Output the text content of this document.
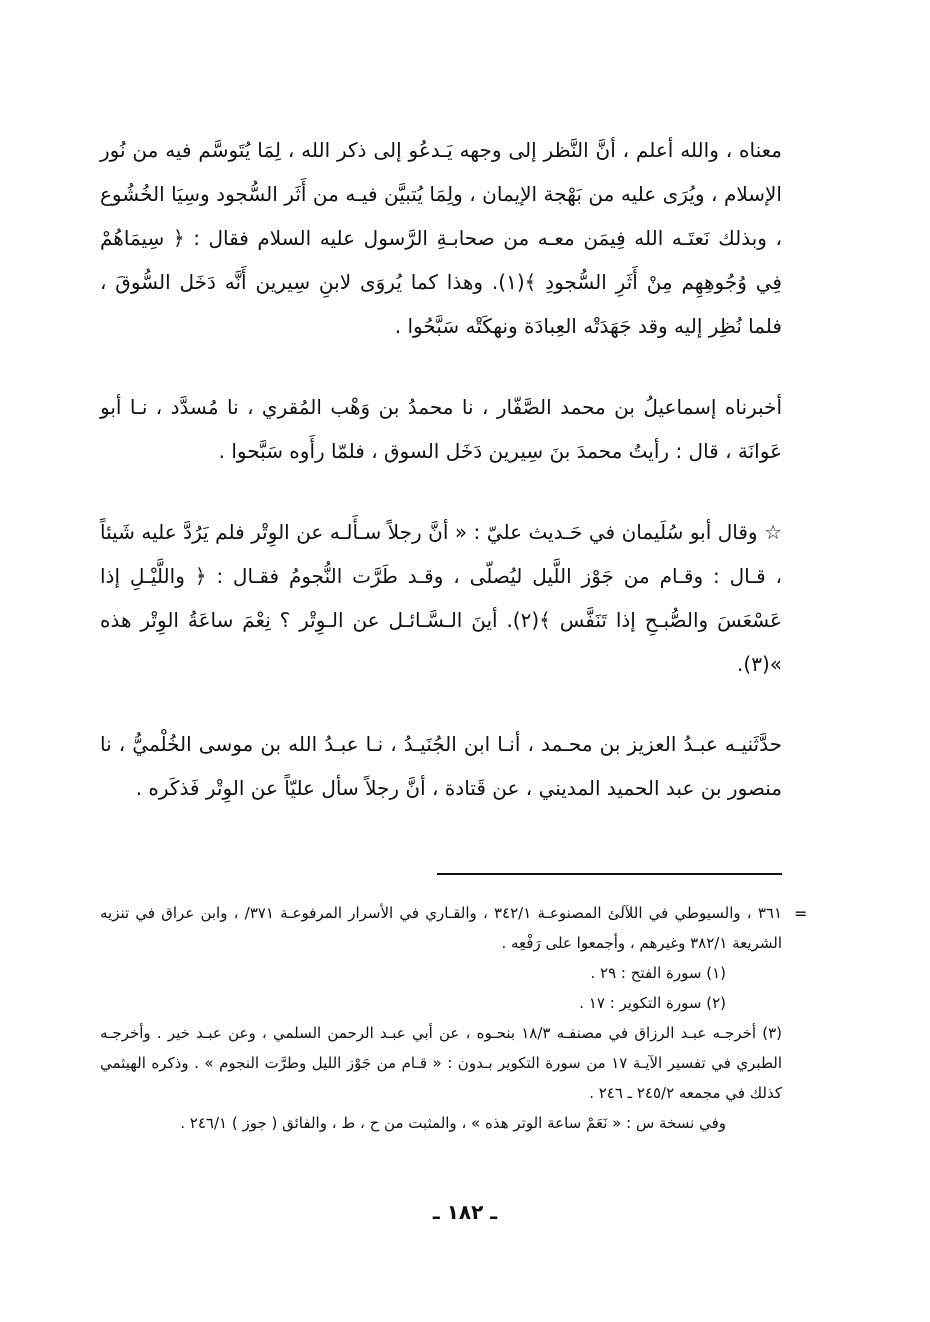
معناه ، والله أعلم ، أنَّ النَّظر إلى وجهه يَـدعُو إلى ذكر الله ، لِمَا يُتَوسَّم فيه من نُور الإسلام ، ويُرَى عليه من بَهْجة الإيمان ، ولِمَا يُتبيَّن فيـه من أَثَر السُّجود وسِيَا الخُشُوع ، وبذلك نَعتَـه الله فِيمَن معـه من صحابـةِ الرَّسول عليه السلام فقال : ﴿ سِيمَاهُمْ فِي وُجُوهِهِم مِنْ أَثَرِ السُّجودِ ﴾(١). وهذا كما يُروَى لابنِ سِيرين أَنَّه دَخَل السُّوقَ ، فلما نُظِر إليه وقد جَهَدَتْه العِبادَة ونهكَتْه سَبَّحُوا .

أخبرناه إسماعيلُ بن محمد الصَّفّار ، نا محمدُ بن وَهْب المُقري ، نا مُسدَّد ، نـا أبو عَوانَة ، قال : رأيتُ محمدَ بنَ سِيرين دَخَل السوق ، فلمّا رأَوه سَبَّحوا .

☆ وقال أبو سُلَيمان في حَـديث عليّ : « أنَّ رجلاً سـأَلـه عن الوِتْر فلم يَرُدَّ عليه شَيئاً ، قـال : وقـام من جَوْز اللَّيل ليُصلّى ، وقـد طَرَّت النُّجومُ فقـال : ﴿ واللَّيْـلِ إذا عَسْعَسَ والصُّبـحِ إذا تَنَفَّس ﴾(٢). أينَ الـسَّـائـل عن الـوِتْر ؟ نِعْمَ ساعَةُ الوِتْر هذه »(٣).

حدَّثَنيـه عبـدُ العزيز بن محـمد ، أنـا ابن الجُنَيـدُ ، نـا عبـدُ الله بن موسى الخُلْميُّ ، نا منصور بن عبد الحميد المديني ، عن قَتادة ، أنَّ رجلاً سأل عليّاً عن الوِتْر فَذكَره .

=

٣٦١ ، والسيوطي في اللآلئ المصنوعـة ٣٤٢/١ ، والقـاري في الأسرار المرفوعـة ٣٧١/ ، وابن عراق في تنزيه الشريعة ٣٨٢/١ وغيرهم ، وأجمعوا على رَفْعِه .

(١) سورة الفتح : ٢٩ .

(٢) سورة التكوير : ١٧ .

(٣) أخرجـه عبـد الرزاق في مصنفـه ١٨/٣ بنحـوه ، عن أبي عبـد الرحمن السلمي ، وعن عبـد خير . وأخرجـه الطبري في تفسير الآيـة ١٧ من سورة التكوير بـدون : « قـام من جَوْز الليل وطرَّت النجوم » . وذكره الهيثمي كذلك في مجمعه ٢٤٥/٢ ـ ٢٤٦ .

وفي نسخة س : « نَعَمْ ساعة الوتر هذه » ، والمثبت من ح ، ط ، والفائق ( جوز ) ٢٤٦/١ .

ـ ١٨٢ ـ
